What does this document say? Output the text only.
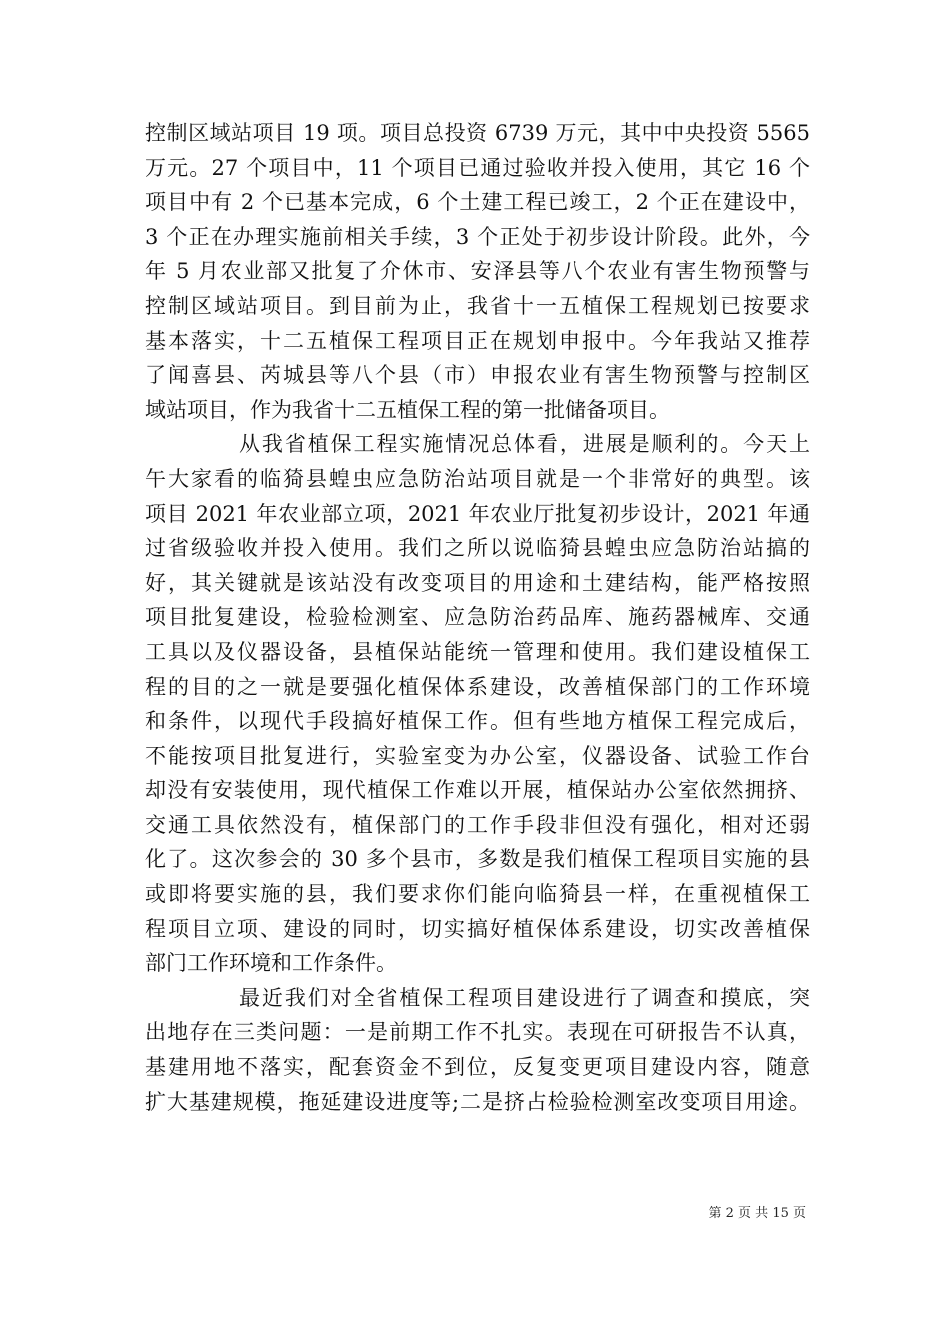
控制区域站项目 19 项。项目总投资 6739 万元，其中中央投资 5565
万元。27 个项目中，11 个项目已通过验收并投入使用，其它 16 个
项目中有 2 个已基本完成，6 个土建工程已竣工，2 个正在建设中，
3 个正在办理实施前相关手续，3 个正处于初步设计阶段。此外，今
年 5 月农业部又批复了介休市、安泽县等八个农业有害生物预警与
控制区域站项目。到目前为止，我省十一五植保工程规划已按要求
基本落实，十二五植保工程项目正在规划申报中。今年我站又推荐
了闻喜县、芮城县等八个县（市）申报农业有害生物预警与控制区
域站项目，作为我省十二五植保工程的第一批储备项目。
从我省植保工程实施情况总体看，进展是顺利的。今天上
午大家看的临猗县蝗虫应急防治站项目就是一个非常好的典型。该
项目 2021 年农业部立项，2021 年农业厅批复初步设计，2021 年通
过省级验收并投入使用。我们之所以说临猗县蝗虫应急防治站搞的
好，其关键就是该站没有改变项目的用途和土建结构，能严格按照
项目批复建设，检验检测室、应急防治药品库、施药器械库、交通
工具以及仪器设备，县植保站能统一管理和使用。我们建设植保工
程的目的之一就是要强化植保体系建设，改善植保部门的工作环境
和条件，以现代手段搞好植保工作。但有些地方植保工程完成后，
不能按项目批复进行，实验室变为办公室，仪器设备、试验工作台
却没有安装使用，现代植保工作难以开展，植保站办公室依然拥挤、
交通工具依然没有，植保部门的工作手段非但没有强化，相对还弱
化了。这次参会的 30 多个县市，多数是我们植保工程项目实施的县
或即将要实施的县，我们要求你们能向临猗县一样，在重视植保工
程项目立项、建设的同时，切实搞好植保体系建设，切实改善植保
部门工作环境和工作条件。
最近我们对全省植保工程项目建设进行了调查和摸底，突
出地存在三类问题：一是前期工作不扎实。表现在可研报告不认真，
基建用地不落实，配套资金不到位，反复变更项目建设内容，随意
扩大基建规模，拖延建设进度等;二是挤占检验检测室改变项目用途。
第 2 页 共 15 页
